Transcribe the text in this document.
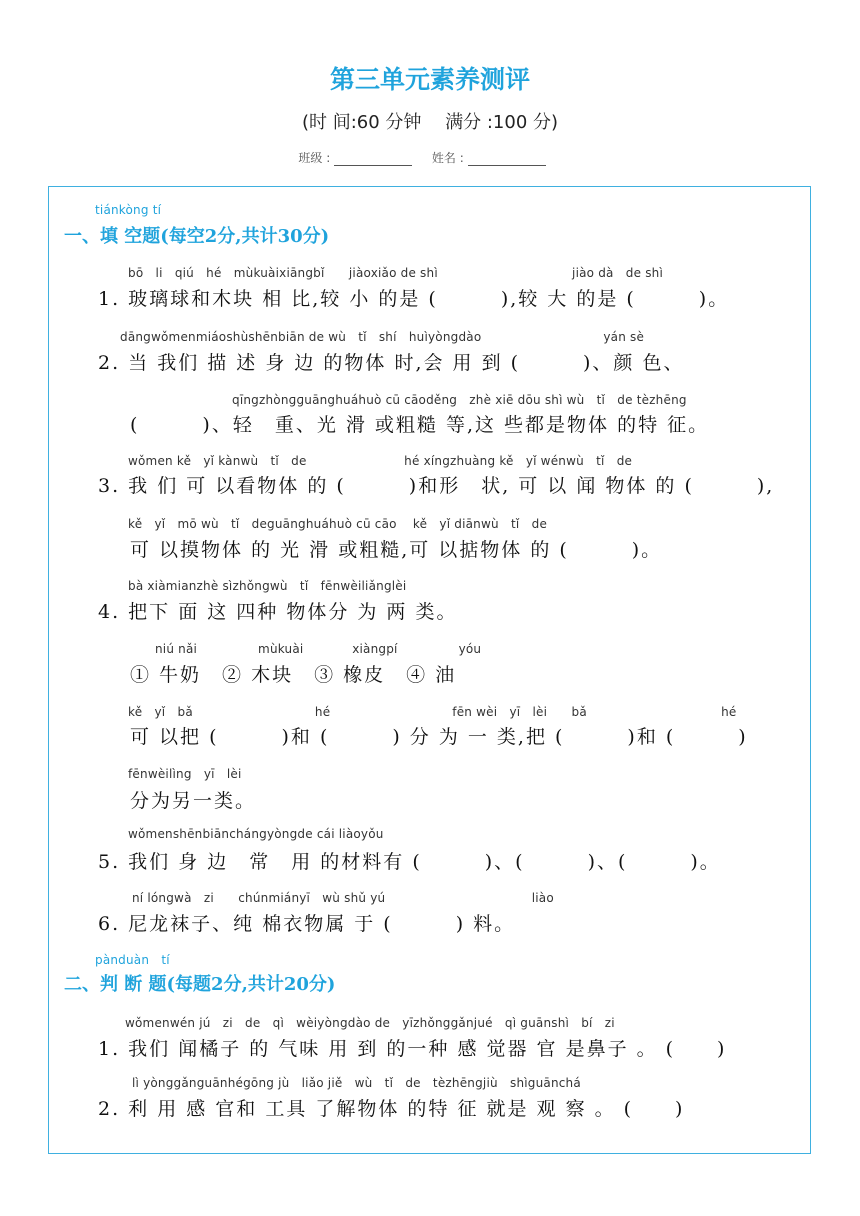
第三单元素养测评
(时 间:60 分钟　 满分 :100 分)
班级 :	姓名 :
tiánkòng tí
一、填 空题(每空2分,共计30分)
bō　li　qiú　hé　mùkuàixiāngbǐ　　jiàoxiǎo de shì　　　　　　　　　　　jiào dà　de shì
1. 玻璃球和木块 相 比,较 小 的是 (　　　),较 大 的是 (　　　)。
dāngwǒmenmiáoshùshēnbiān de wù　tǐ　shí　huìyòngdào　　　　　　　　　　yán sè
2. 当 我们 描 述 身 边 的物体 时,会 用 到 (　　　)、颜 色、
qīngzhònɡɡuānghuáhuò cū cāoděng　zhè xiē dōu shì wù　tǐ　de tèzhēng
(　　　)、轻　重、光 滑 或粗糙 等,这 些都是物体 的特 征。
wǒmen kě　yǐ kànwù　tǐ　de　　　　　　　　hé xíngzhuàng kě　yǐ wénwù　tǐ　de
3. 我 们 可 以看物体 的 (　　　)和形　状, 可 以 闻 物体 的 (　　　),
kě　yǐ　mō wù　tǐ　deguānghuáhuò cū cāo　 kě　yǐ diānwù　tǐ　de
可 以摸物体 的 光 滑 或粗糙,可 以掂物体 的 (　　　)。
bà xiàmianzhè sìzhǒngwù　tǐ　fēnwèiliǎnglèi
4. 把下 面 这 四种 物体分 为 两 类。
niú nǎi　　　　　mùkuài　　　　xiàngpí　　　　　yóu
① 牛奶　② 木块　③ 橡皮　④ 油
kě　yǐ　bǎ　　　　　　　　　　hé　　　　　　　　　　fēn wèi　yī　lèi　　bǎ　　　　　　　　　　　hé
可 以把 (　　　)和 (　　　) 分 为 一 类,把 (　　　)和 (　　　)
fēnwèilìng　yī　lèi
分为另一类。
wǒmenshēnbiānchángyòngde cái liàoyǒu
5. 我们 身 边　常　用 的材料有 (　　　)、(　　　)、(　　　)。
ní lóngwà　zi　　chúnmiányī　wù shǔ yú　　　　　　　　　　　　liào
6. 尼龙袜子、纯 棉衣物属 于 (　　　) 料。
pànduàn　tí
二、判 断 题(每题2分,共计20分)
wǒmenwén jú　zi　de　qì　wèiyòngdào de　yīzhǒnggǎnjué　qì guānshì　bí　zi
1. 我们 闻橘子 的 气味 用 到 的一种 感 觉器 官 是鼻子 。 (　　)
lì yònggǎnguānhégōng jù　liǎo jiě　wù　tǐ　de　tèzhēngjiù　shìguānchá
2. 利 用 感 官和 工具 了解物体 的特 征 就是 观 察 。 (　　)
